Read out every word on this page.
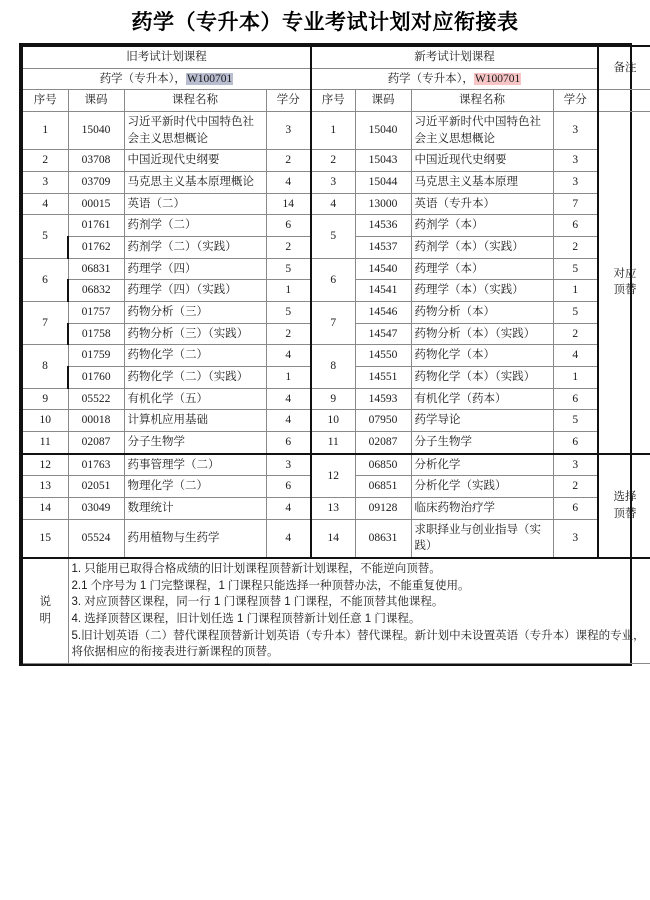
药学（专升本）专业考试计划对应衔接表
旧考试计划课程				新考试计划课程				备注
药学（专升本），W100701				药学（专升本），W100701				
序号	课码	课程名称	学分	序号	课码	课程名称	学分	
1	15040	习近平新时代中国特色社会主义思想概论	3	1	15040	习近平新时代中国特色社会主义思想概论	3	对应
顶替

2	03708	中国近现代史纲要	2	2	15043	中国近现代史纲要	3	
3	03709	马克思主义基本原理概论	4	3	15044	马克思主义基本原理	3	
4	00015	英语（二）	14	4	13000	英语（专升本）	7	
5	01761	药剂学（二）	6	5	14536	药剂学（本）	6	
	01762	药剂学（二）（实践）	2		14537	药剂学（本）（实践）	2	
6	06831	药理学（四）	5	6	14540	药理学（本）	5	
	06832	药理学（四）（实践）	1		14541	药理学（本）（实践）	1	
7	01757	药物分析（三）	5	7	14546	药物分析（本）	5	
	01758	药物分析（三）（实践）	2		14547	药物分析（本）（实践）	2	
8	01759	药物化学（二）	4	8	14550	药物化学（本）	4	
	01760	药物化学（二）（实践）	1		14551	药物化学（本）（实践）	1	
9	05522	有机化学（五）	4	9	14593	有机化学（药本）	6	
10	00018	计算机应用基础	4	10	07950	药学导论	5	
11	02087	分子生物学	6	11	02087	分子生物学	6	
12	01763	药事管理学（二）	3	12	06850	分析化学	3	选择
顶替

13	02051	物理化学（二）	6		06851	分析化学（实践）	2	
14	03049	数理统计	4	13	09128	临床药物治疗学	6	
15	05524	药用植物与生药学	4	14	08631	求职择业与创业指导（实践）	3	

说
明

1. 只能用已取得合格成绩的旧计划课程顶替新计划课程，不能逆向顶替。

2.1 个序号为 1 门完整课程，1 门课程只能选择一种顶替办法，不能重复使用。

3. 对应顶替区课程，同一行 1 门课程顶替 1 门课程，不能顶替其他课程。

4. 选择顶替区课程，旧计划任选 1 门课程顶替新计划任意 1 门课程。

5.旧计划英语（二）替代课程顶替新计划英语（专升本）替代课程。新计划中未设置英语（专升本）课程的专业，将依据相应的衔接表进行新课程的顶替。
